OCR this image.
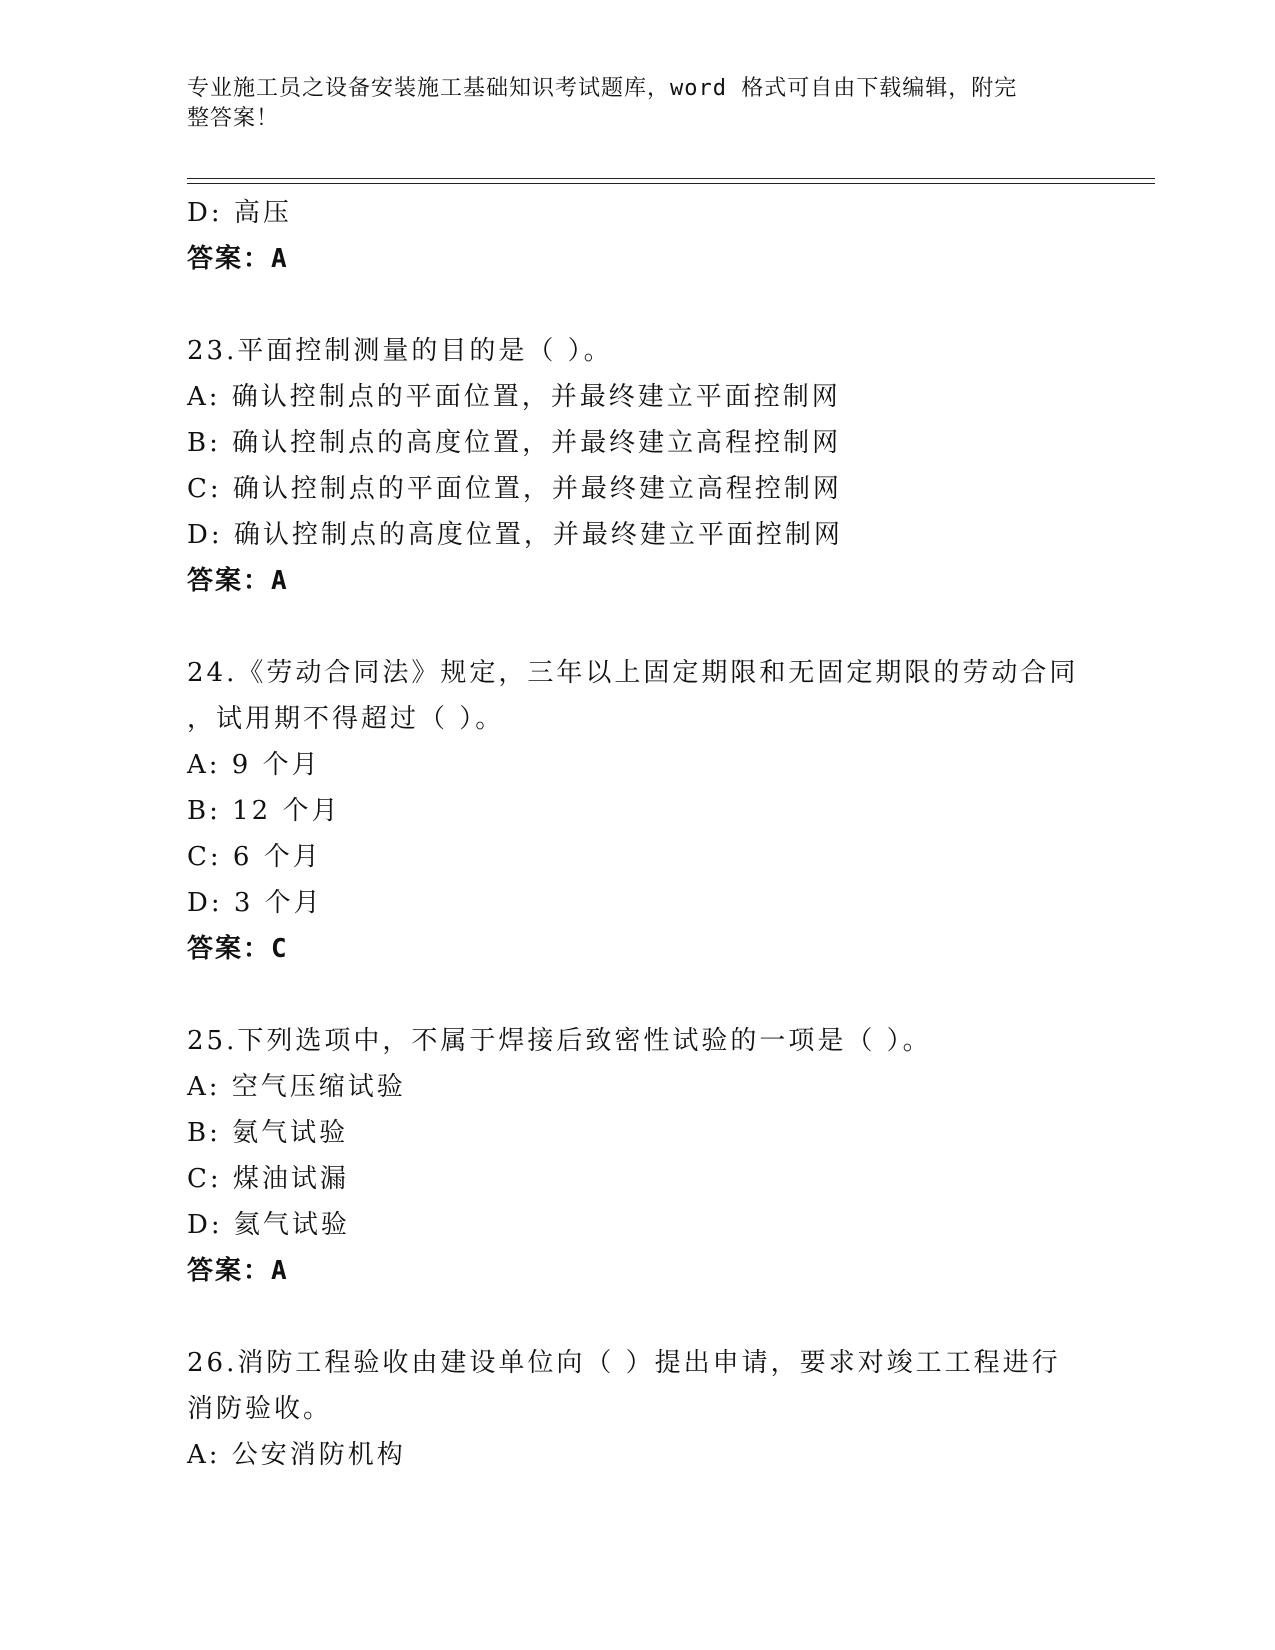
专业施工员之设备安装施工基础知识考试题库，word 格式可自由下载编辑，附完
整答案！
D: 高压
答案：A
23.平面控制测量的目的是（ ）。
A: 确认控制点的平面位置，并最终建立平面控制网
B: 确认控制点的高度位置，并最终建立高程控制网
C: 确认控制点的平面位置，并最终建立高程控制网
D: 确认控制点的高度位置，并最终建立平面控制网
答案：A
24.《劳动合同法》规定，三年以上固定期限和无固定期限的劳动合同
，试用期不得超过（ ）。
A: 9 个月
B: 12 个月
C: 6 个月
D: 3 个月
答案：C
25.下列选项中，不属于焊接后致密性试验的一项是（ ）。
A: 空气压缩试验
B: 氨气试验
C: 煤油试漏
D: 氦气试验
答案：A
26.消防工程验收由建设单位向（ ）提出申请，要求对竣工工程进行
消防验收。
A: 公安消防机构
